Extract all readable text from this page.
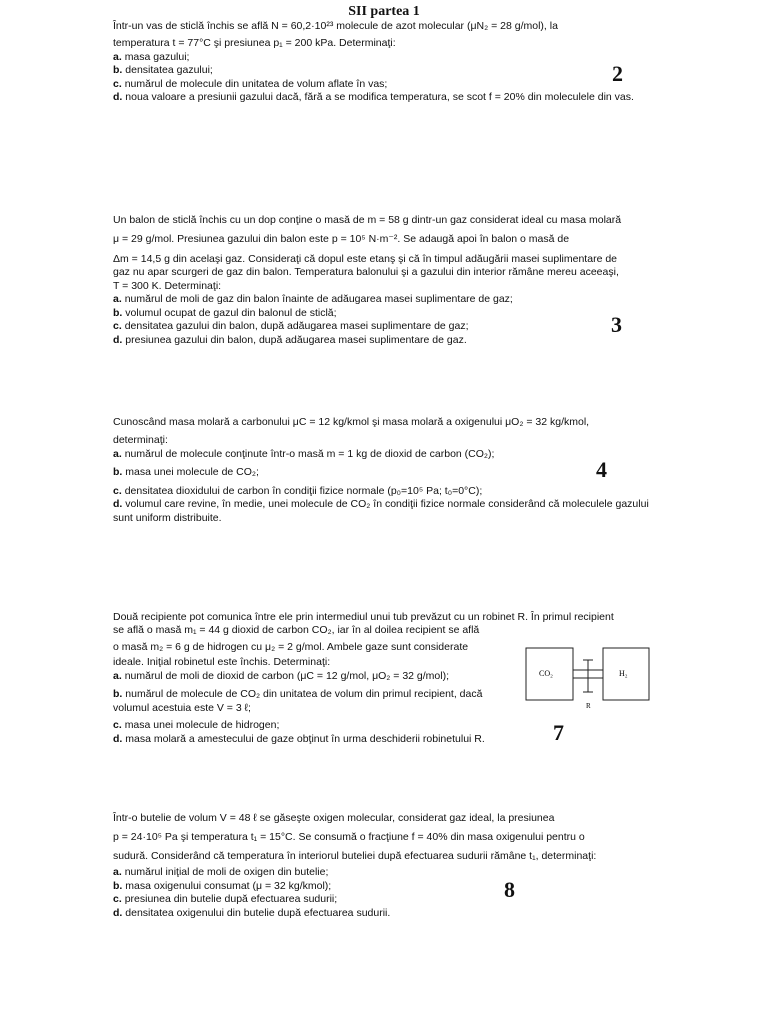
SII partea 1

Într-un vas de sticlă închis se află N = 60,2·10²³ molecule de azot molecular (μN₂ = 28 g/mol), la

temperatura t = 77°C şi presiunea p₁ = 200 kPa. Determinaţi:

a. masa gazului;

b. densitatea gazului;

c. numărul de molecule din unitatea de volum aflate în vas;

d. noua valoare a presiunii gazului dacă, fără a se modifica temperatura, se scot f = 20% din moleculele din vas.

2

Un balon de sticlă închis cu un dop conţine o masă de m = 58 g dintr-un gaz considerat ideal cu masa molară

μ = 29 g/mol. Presiunea gazului din balon este p = 10⁵ N·m⁻². Se adaugă apoi în balon o masă de

Δm = 14,5 g din acelaşi gaz. Consideraţi că dopul este etanş şi că în timpul adăugării masei suplimentare de

gaz nu apar scurgeri de gaz din balon. Temperatura balonului şi a gazului din interior rămâne mereu aceeaşi,

T = 300 K. Determinaţi:

a. numărul de moli de gaz din balon înainte de adăugarea masei suplimentare de gaz;

b. volumul ocupat de gazul din balonul de sticlă;

c. densitatea gazului din balon, după adăugarea masei suplimentare de gaz;

d. presiunea gazului din balon, după adăugarea masei suplimentare de gaz.

3

Cunoscând masa molară a carbonului μC = 12 kg/kmol şi masa molară a oxigenului μO₂ = 32 kg/kmol,

determinaţi:

a. numărul de molecule conţinute într-o masă m = 1 kg de dioxid de carbon (CO₂);

b. masa unei molecule de CO₂;

c. densitatea dioxidului de carbon în condiţii fizice normale (p₀=10⁵ Pa; t₀=0°C);

d. volumul care revine, în medie, unei molecule de CO₂ în condiţii fizice normale considerând că moleculele gazului sunt uniform distribuite.

4

Două recipiente pot comunica între ele prin intermediul unui tub prevăzut cu un robinet R. În primul recipient

se află o masă m₁ = 44 g dioxid de carbon CO₂, iar în al doilea recipient se află

o masă m₂ = 6 g de hidrogen cu μ₂ = 2 g/mol. Ambele gaze sunt considerate

ideale. Iniţial robinetul este închis. Determinaţi:

a. numărul de moli de dioxid de carbon (μC = 12 g/mol, μO₂ = 32 g/mol);

b. numărul de molecule de CO₂ din unitatea de volum din primul recipient, dacă volumul acestuia este V = 3 ℓ;

c. masa unei molecule de hidrogen;

d. masa molară a amestecului de gaze obţinut în urma deschiderii robinetului R.

CO₂	H₂
R
7

Într-o butelie de volum V = 48 ℓ se găseşte oxigen molecular, considerat gaz ideal, la presiunea

p = 24·10⁵ Pa şi temperatura t₁ = 15°C. Se consumă o fracţiune f = 40% din masa oxigenului pentru o

sudură. Considerând că temperatura în interiorul buteliei după efectuarea sudurii rămâne t₁, determinaţi:

a. numărul iniţial de moli de oxigen din butelie;

b. masa oxigenului consumat (μ = 32 kg/kmol);

c. presiunea din butelie după efectuarea sudurii;

d. densitatea oxigenului din butelie după efectuarea sudurii.

8
